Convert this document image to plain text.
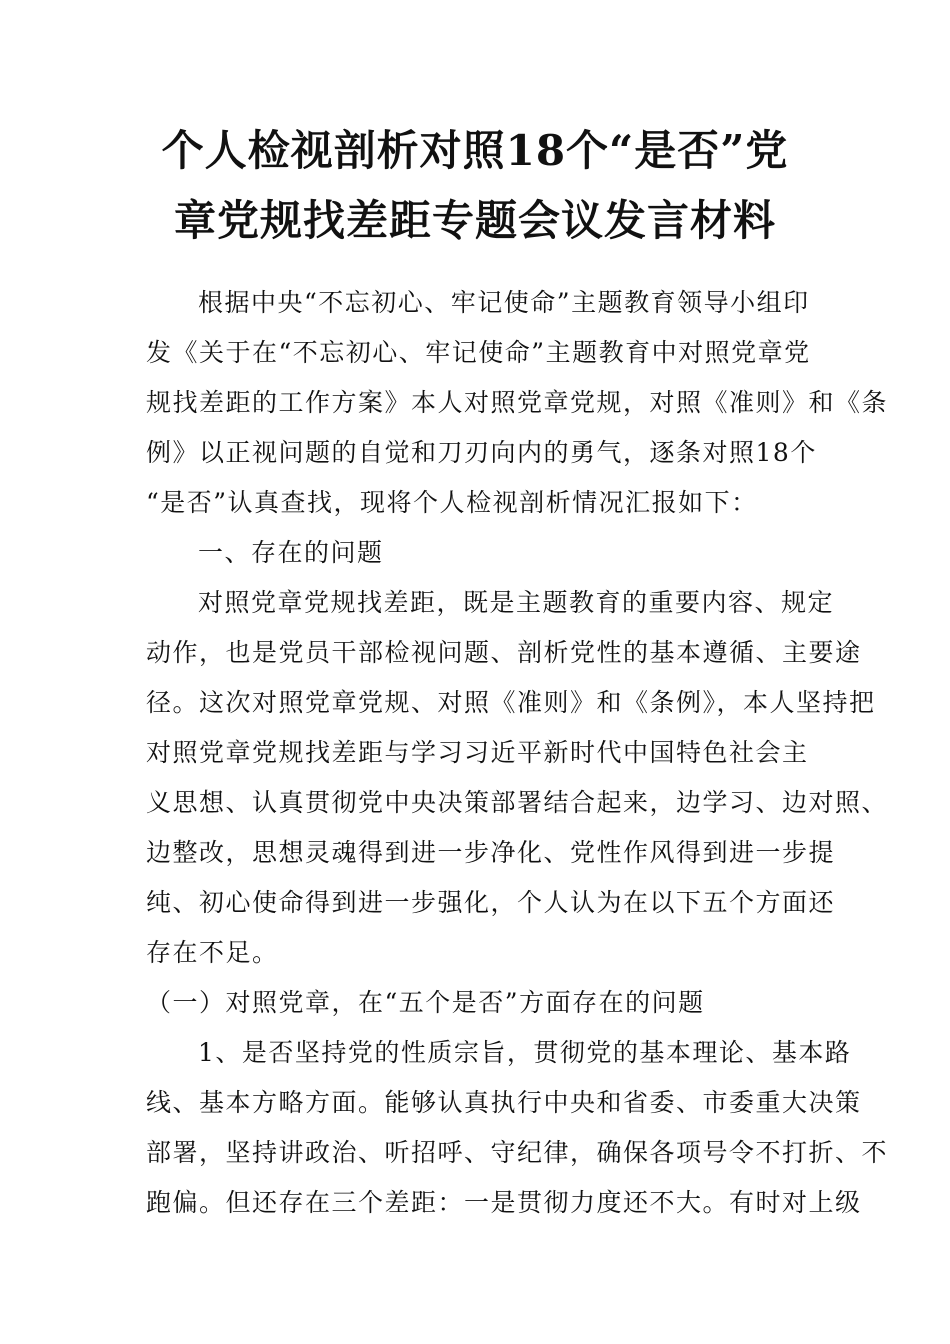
个人检视剖析对照18个“是否”党
章党规找差距专题会议发言材料
根据中央“不忘初心、牢记使命”主题教育领导小组印
发《关于在“不忘初心、牢记使命”主题教育中对照党章党
规找差距的工作方案》本人对照党章党规，对照《准则》和《条
例》以正视问题的自觉和刀刃向内的勇气，逐条对照18个
“是否”认真查找，现将个人检视剖析情况汇报如下：
一、存在的问题
对照党章党规找差距，既是主题教育的重要内容、规定
动作，也是党员干部检视问题、剖析党性的基本遵循、主要途
径。这次对照党章党规、对照《准则》和《条例》，本人坚持把
对照党章党规找差距与学习习近平新时代中国特色社会主
义思想、认真贯彻党中央决策部署结合起来，边学习、边对照、
边整改，思想灵魂得到进一步净化、党性作风得到进一步提
纯、初心使命得到进一步强化，个人认为在以下五个方面还
存在不足。
（一）对照党章，在“五个是否”方面存在的问题
1、是否坚持党的性质宗旨，贯彻党的基本理论、基本路
线、基本方略方面。能够认真执行中央和省委、市委重大决策
部署，坚持讲政治、听招呼、守纪律，确保各项号令不打折、不
跑偏。但还存在三个差距：一是贯彻力度还不大。有时对上级
